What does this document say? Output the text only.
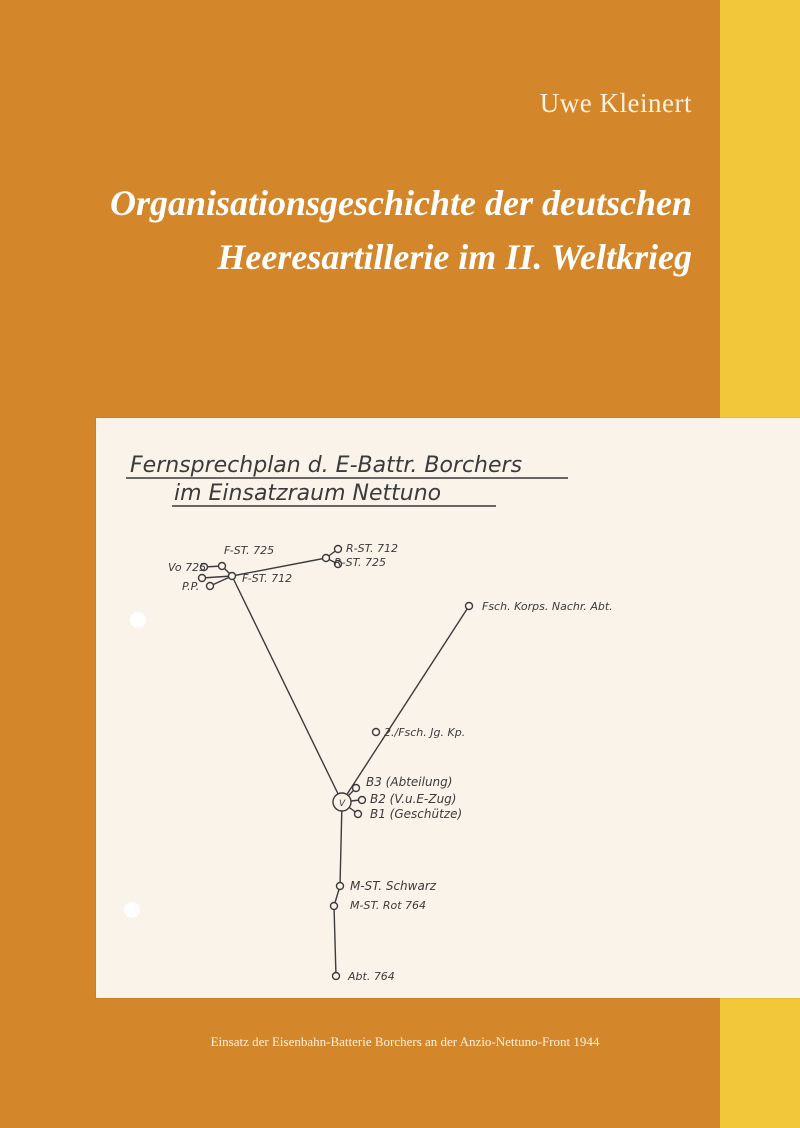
Uwe Kleinert
Organisationsgeschichte der deutschen
Heeresartillerie im II. Weltkrieg
Fernsprechplan d. E-Battr. Borchers
im Einsatzraum Nettuno
V
F-ST. 725
Vo 725
P.P.
F-ST. 712
R-ST. 712
R-ST. 725
Fsch. Korps. Nachr. Abt.
2./Fsch. Jg. Kp.
B3 (Abteilung)
B2 (V.u.E-Zug)
B1 (Geschütze)
M-ST. Schwarz
M-ST. Rot 764
Abt. 764
Einsatz der Eisenbahn-Batterie Borchers an der Anzio-Nettuno-Front 1944
